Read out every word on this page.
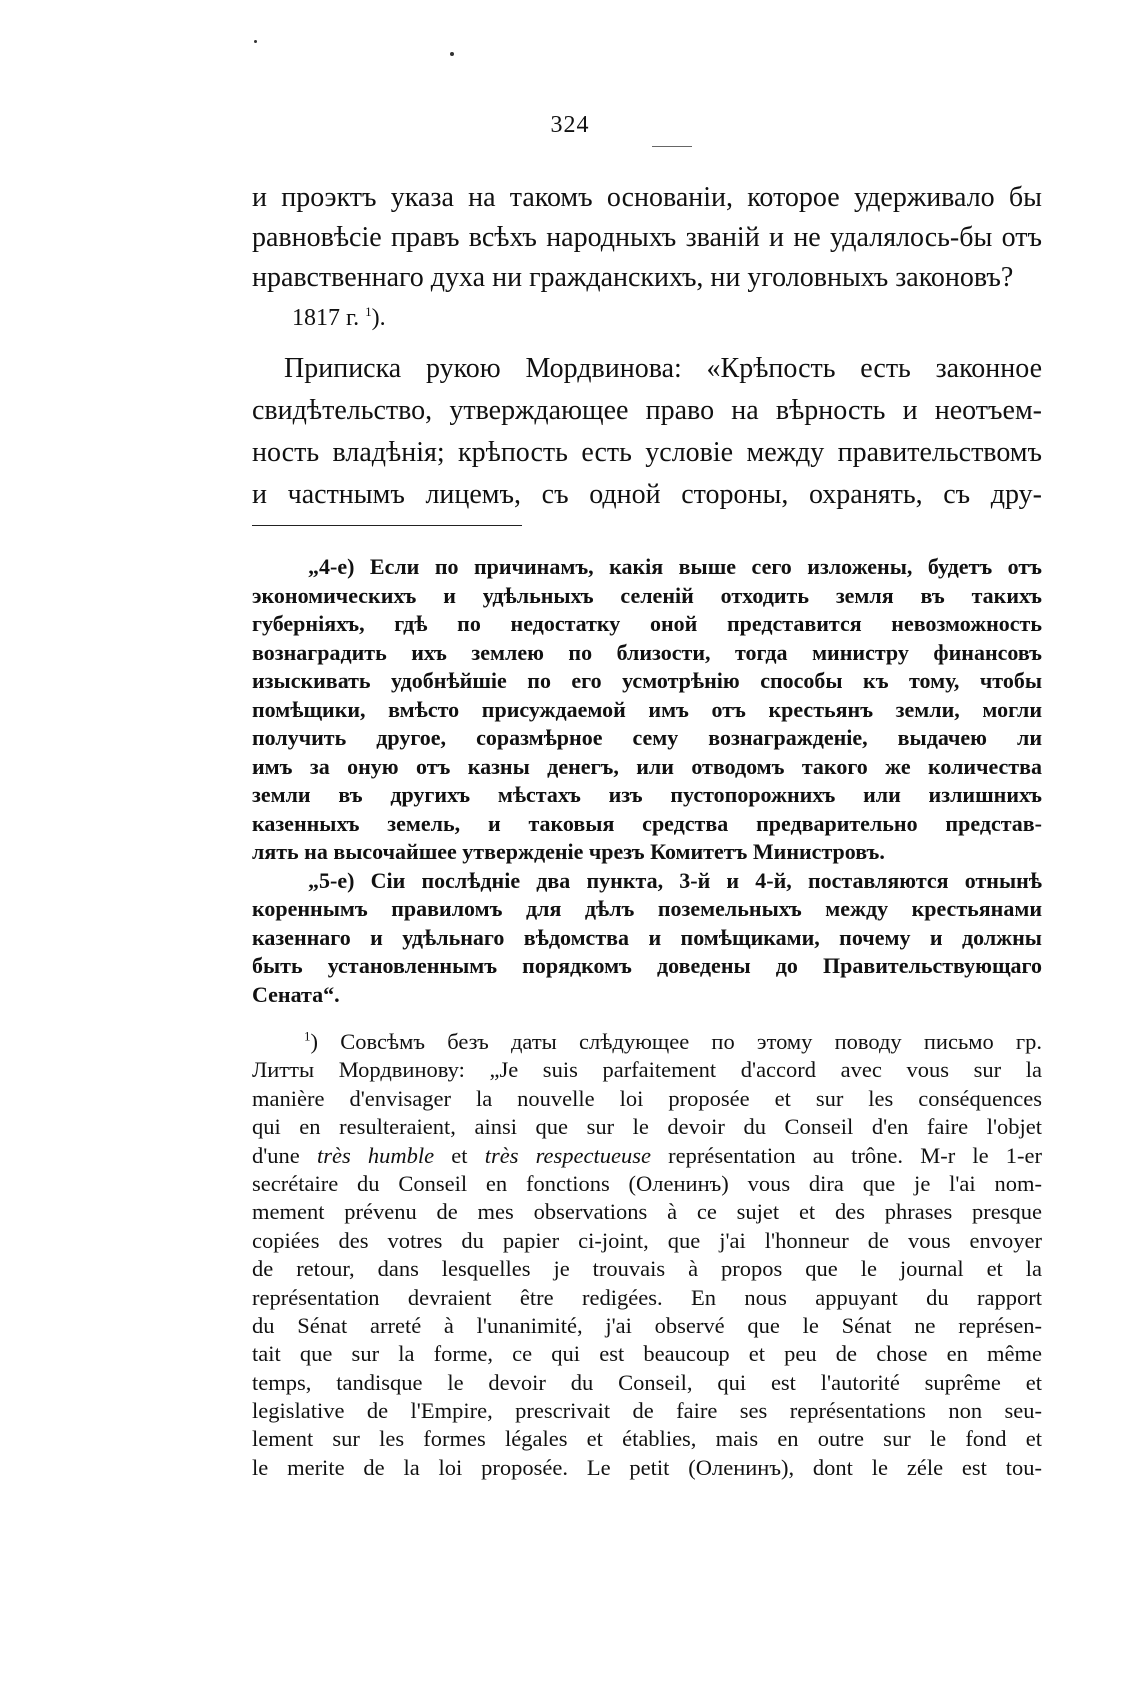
324
и проэктъ указа на такомъ основаніи, которое удерживало бы
равновѣсіе правъ всѣхъ народныхъ званій и не удалялось-бы отъ
нравственнаго духа ни гражданскихъ, ни уголовныхъ законовъ?
1817 г. $^1$).
Приписка рукою Мордвинова: «Крѣпость есть законное
свидѣтельство, утверждающее право на вѣрность и неотъем-
ность владѣнія; крѣпость есть условіе между правительствомъ
и частнымъ лицемъ, съ одной стороны, охранять, съ дру-
„4-е) Если по причинамъ, какія выше сего изложены, будетъ отъ
экономическихъ и удѣльныхъ селеній отходить земля въ такихъ
губерніяхъ, гдѣ по недостатку оной представится невозможность
вознаградить ихъ землею по близости, тогда министру финансовъ
изыскивать удобнѣйшіе по его усмотрѣнію способы къ тому, чтобы
помѣщики, вмѣсто присуждаемой имъ отъ крестьянъ земли, могли
получить другое, соразмѣрное сему вознагражденіе, выдачею ли
имъ за оную отъ казны денегъ, или отводомъ такого же количества
земли въ другихъ мѣстахъ изъ пустопорожнихъ или излишнихъ
казенныхъ земель, и таковыя средства предварительно представ-
лять на высочайшее утвержденіе чрезъ Комитетъ Министровъ.
„5-е) Сіи послѣдніе два пункта, 3-й и 4-й, поставляются отнынѣ
кореннымъ правиломъ для дѣлъ поземельныхъ между крестьянами
казеннаго и удѣльнаго вѣдомства и помѣщиками, почему и должны
быть установленнымъ порядкомъ доведены до Правительствующаго
Сената“.
$^1$) Совсѣмъ безъ даты слѣдующее по этому поводу письмо гр.
Литты Мордвинову: „Je suis parfaitement d'accord avec vous sur la
manière d'envisager la nouvelle loi proposée et sur les conséquences
qui en resulteraient, ainsi que sur le devoir du Conseil d'en faire l'objet
d'une très humble et très respectueuse représentation au trône. M-r le 1-er
secrétaire du Conseil en fonctions (Оленинъ) vous dira que je l'ai nom-
mement prévenu de mes observations à ce sujet et des phrases presque
copiées des votres du papier ci-joint, que j'ai l'honneur de vous envoyer
de retour, dans lesquelles je trouvais à propos que le journal et la
représentation devraient être redigées. En nous appuyant du rapport
du Sénat arreté à l'unanimité, j'ai observé que le Sénat ne représen-
tait que sur la forme, ce qui est beaucoup et peu de chose en même
temps, tandisque le devoir du Conseil, qui est l'autorité suprême et
legislative de l'Empire, prescrivait de faire ses représentations non seu-
lement sur les formes légales et établies, mais en outre sur le fond et
le merite de la loi proposée. Le petit (Оленинъ), dont le zéle est tou-
